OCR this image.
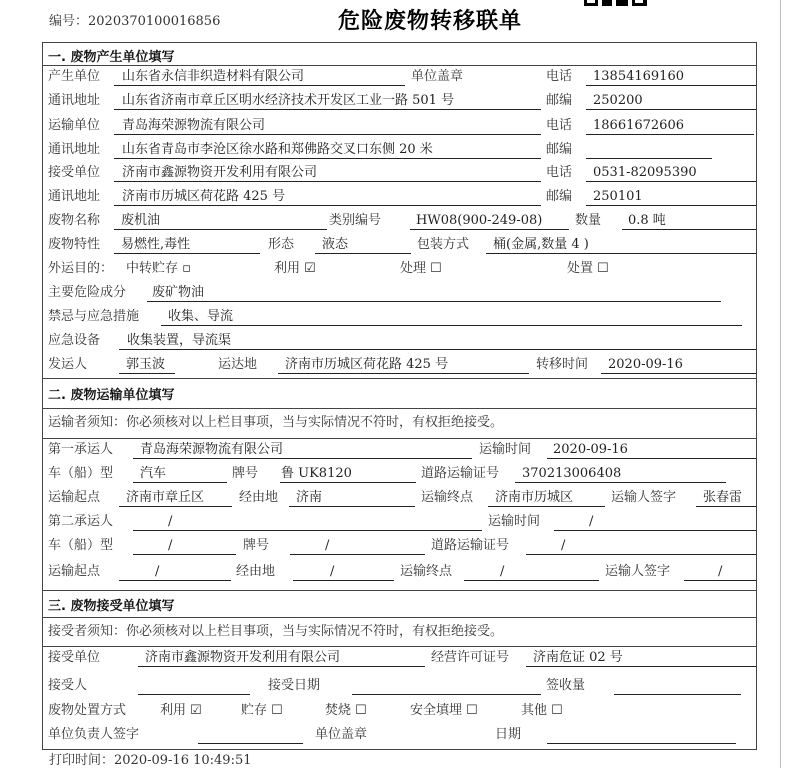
编号：2020370100016856	危险废物转移联单
一. 废物产生单位填写
二. 废物运输单位填写
三. 废物接受单位填写
运输者须知：你必须核对以上栏目事项，当与实际情况不符时，有权拒绝接受。
接受者须知：你必须核对以上栏目事项，当与实际情况不符时，有权拒绝接受。
打印时间：2020-09-16 10:49:51
产生单位 山东省永信非织造材料有限公司	单位盖章	电话 13854169160
通讯地址 山东省济南市章丘区明水经济技术开发区工业一路 501 号	邮编 250200
运输单位 青岛海荣源物流有限公司	电话 18661672606
通讯地址 山东省青岛市李沧区徐水路和郑佛路交叉口东侧 20 米	邮编
接受单位 济南市鑫源物资开发利用有限公司	电话 0531-82095390
通讯地址 济南市历城区荷花路 425 号	邮编 250101
废物名称 废机油	类别编号	HW08(900-249-08)	数量 0.8 吨
废物特性 易燃性,毒性	形态 液态	包装方式 桶(金属,数量 4 )
外运目的： 中转贮存 ▫	利用 ☑	处理 ☐	处置 ☐
主要危险成分 废矿物油
禁忌与应急措施 收集、导流
应急设备 收集装置，导流渠
发运人	郭玉波	运达地 济南市历城区荷花路 425 号	转移时间 2020-09-16
第一承运人 青岛海荣源物流有限公司	运输时间 2020-09-16
车（船）型 汽车	牌号 鲁 UK8120	道路运输证号 370213006408
运输起点 济南市章丘区	经由地 济南	运输终点 济南市历城区	运输人签字 张春雷
第二承运人	/	运输时间	/
车（船）型	/	牌号	/	道路运输证号	/
运输起点	/	经由地	/	运输终点	/	运输人签字	/
接受单位	济南市鑫源物资开发利用有限公司	经营许可证号 济南危证 02 号
接受人	接受日期	签收量
废物处置方式	利用 ☑	贮存 ☐	焚烧 ☐	安全填埋 ☐	其他 ☐
单位负责人签字	单位盖章	日期
